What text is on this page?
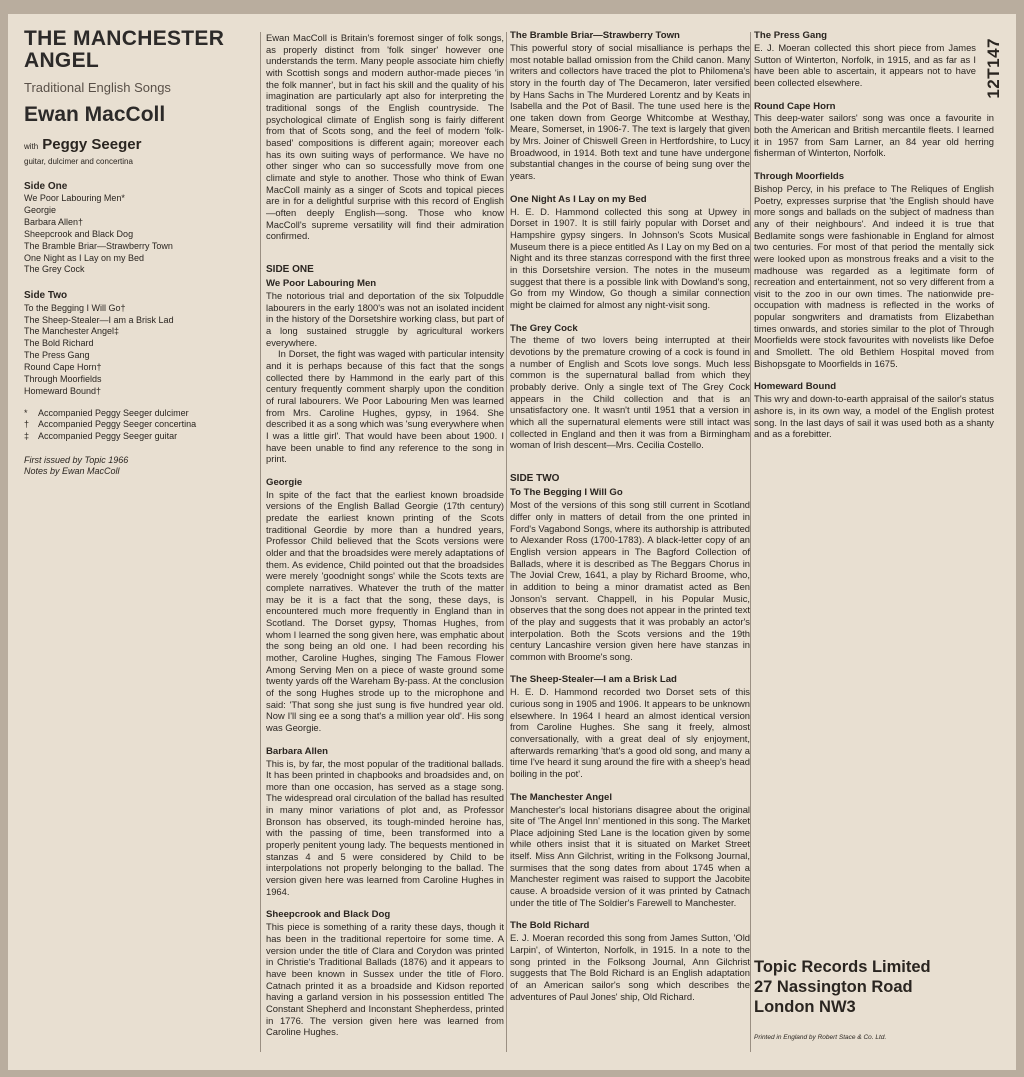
THE MANCHESTER
ANGEL
Traditional English Songs
Ewan MacColl
with Peggy Seeger
guitar, dulcimer and concertina
Side One
We Poor Labouring Men*
Georgie
Barbara Allen†
Sheepcrook and Black Dog
The Bramble Briar—Strawberry Town
One Night as I Lay on my Bed
The Grey Cock
Side Two
To the Begging I Will Go†
The Sheep-Stealer—I am a Brisk Lad
The Manchester Angel‡
The Bold Richard
The Press Gang
Round Cape Horn†
Through Moorfields
Homeward Bound†
* Accompanied Peggy Seeger dulcimer
† Accompanied Peggy Seeger concertina
‡ Accompanied Peggy Seeger guitar
First issued by Topic 1966
Notes by Ewan MacColl

Ewan MacColl is Britain's foremost singer of folk songs, as properly distinct from 'folk singer' however one understands the term. Many people associate him chiefly with Scottish songs and modern author-made pieces 'in the folk manner', but in fact his skill and the quality of his imagination are particularly apt also for interpreting the traditional songs of the English countryside. The psychological climate of English song is fairly different from that of Scots song, and the feel of modern 'folk-based' compositions is different again; moreover each has its own suiting ways of performance. We have no other singer who can so successfully move from one climate and style to another. Those who think of Ewan MacColl mainly as a singer of Scots and topical pieces are in for a delightful surprise with this record of English—often deeply English—song. Those who know MacColl's supreme versatility will find their admiration confirmed.

SIDE ONE
We Poor Labouring Men

The notorious trial and deportation of the six Tolpuddle labourers in the early 1800's was not an isolated incident in the history of the Dorsetshire working class, but part of a long sustained struggle by agricultural workers everywhere.

In Dorset, the fight was waged with particular intensity and it is perhaps because of this fact that the songs collected there by Hammond in the early part of this century frequently comment sharply upon the condition of rural labourers. We Poor Labouring Men was learned from Mrs. Caroline Hughes, gypsy, in 1964. She described it as a song which was 'sung everywhere when I was a little girl'. That would have been about 1900. I have been unable to find any reference to the song in print.

Georgie

In spite of the fact that the earliest known broadside versions of the English Ballad Georgie (17th century) predate the earliest known printing of the Scots traditional Geordie by more than a hundred years, Professor Child believed that the Scots versions were older and that the broadsides were merely adaptations of them. As evidence, Child pointed out that the broadsides were merely 'goodnight songs' while the Scots texts are complete narratives. Whatever the truth of the matter may be it is a fact that the song, these days, is encountered much more frequently in England than in Scotland. The Dorset gypsy, Thomas Hughes, from whom I learned the song given here, was emphatic about the song being an old one. I had been recording his mother, Caroline Hughes, singing The Famous Flower Among Serving Men on a piece of waste ground some twenty yards off the Wareham By-pass. At the conclusion of the song Hughes strode up to the microphone and said: 'That song she just sung is five hundred year old. Now I'll sing ee a song that's a million year old'. His song was Georgie.

Barbara Allen

This is, by far, the most popular of the traditional ballads. It has been printed in chapbooks and broadsides and, on more than one occasion, has served as a stage song. The widespread oral circulation of the ballad has resulted in many minor variations of plot and, as Professor Bronson has observed, its tough-minded heroine has, with the passing of time, been transformed into a properly penitent young lady. The bequests mentioned in stanzas 4 and 5 were considered by Child to be interpolations not properly belonging to the ballad. The version given here was learned from Caroline Hughes in 1964.

Sheepcrook and Black Dog

This piece is something of a rarity these days, though it has been in the traditional repertoire for some time. A version under the title of Clara and Corydon was printed in Christie's Traditional Ballads (1876) and it appears to have been known in Sussex under the title of Floro. Catnach printed it as a broadside and Kidson reported having a garland version in his possession entitled The Constant Shepherd and Inconstant Shepherdess, printed in 1776. The version given here was learned from Caroline Hughes.

The Bramble Briar—Strawberry Town

This powerful story of social misalliance is perhaps the most notable ballad omission from the Child canon. Many writers and collectors have traced the plot to Philomena's story in the fourth day of The Decameron, later versified by Hans Sachs in The Murdered Lorentz and by Keats in Isabella and the Pot of Basil. The tune used here is the one taken down from George Whitcombe at Westhay, Meare, Somerset, in 1906-7. The text is largely that given by Mrs. Joiner of Chiswell Green in Hertfordshire, to Lucy Broadwood, in 1914. Both text and tune have undergone substantial changes in the course of being sung over the years.

One Night As I Lay on my Bed

H. E. D. Hammond collected this song at Upwey in Dorset in 1907. It is still fairly popular with Dorset and Hampshire gypsy singers. In Johnson's Scots Musical Museum there is a piece entitled As I Lay on my Bed on a Night and its three stanzas correspond with the first three in this Dorsetshire version. The notes in the museum suggest that there is a possible link with Dowland's song, Go from my Window, Go though a similar connection might be claimed for almost any night-visit song.

The Grey Cock

The theme of two lovers being interrupted at their devotions by the premature crowing of a cock is found in a number of English and Scots love songs. Much less common is the supernatural ballad from which they probably derive. Only a single text of The Grey Cock appears in the Child collection and that is an unsatisfactory one. It wasn't until 1951 that a version in which all the supernatural elements were still intact was collected in England and then it was from a Birmingham woman of Irish descent—Mrs. Cecilia Costello.

SIDE TWO
To The Begging I Will Go

Most of the versions of this song still current in Scotland differ only in matters of detail from the one printed in Ford's Vagabond Songs, where its authorship is attributed to Alexander Ross (1700-1783). A black-letter copy of an English version appears in The Bagford Collection of Ballads, where it is described as The Beggars Chorus in The Jovial Crew, 1641, a play by Richard Broome, who, in addition to being a minor dramatist acted as Ben Jonson's servant. Chappell, in his Popular Music, observes that the song does not appear in the printed text of the play and suggests that it was probably an actor's interpolation. Both the Scots versions and the 19th century Lancashire version given here have stanzas in common with Broome's song.

The Sheep-Stealer—I am a Brisk Lad

H. E. D. Hammond recorded two Dorset sets of this curious song in 1905 and 1906. It appears to be unknown elsewhere. In 1964 I heard an almost identical version from Caroline Hughes. She sang it freely, almost conversationally, with a great deal of sly enjoyment, afterwards remarking 'that's a good old song, and many a time I've heard it sung around the fire with a sheep's head boiling in the pot'.

The Manchester Angel

Manchester's local historians disagree about the original site of 'The Angel Inn' mentioned in this song. The Market Place adjoining Sted Lane is the location given by some while others insist that it is situated on Market Street itself. Miss Ann Gilchrist, writing in the Folksong Journal, surmises that the song dates from about 1745 when a Manchester regiment was raised to support the Jacobite cause. A broadside version of it was printed by Catnach under the title of The Soldier's Farewell to Manchester.

The Bold Richard

E. J. Moeran recorded this song from James Sutton, 'Old Larpin', of Winterton, Norfolk, in 1915. In a note to the song printed in the Folksong Journal, Ann Gilchrist suggests that The Bold Richard is an English adaptation of an American sailor's song which describes the adventures of Paul Jones' ship, Old Richard.

The Press Gang

E. J. Moeran collected this short piece from James Sutton of Winterton, Norfolk, in 1915, and as far as I have been able to ascertain, it appears not to have been collected elsewhere.

Round Cape Horn

This deep-water sailors' song was once a favourite in both the American and British mercantile fleets. I learned it in 1957 from Sam Larner, an 84 year old herring fisherman of Winterton, Norfolk.

Through Moorfields

Bishop Percy, in his preface to The Reliques of English Poetry, expresses surprise that 'the English should have more songs and ballads on the subject of madness than any of their neighbours'. And indeed it is true that Bedlamite songs were fashionable in England for almost two centuries. For most of that period the mentally sick were looked upon as monstrous freaks and a visit to the madhouse was regarded as a legitimate form of recreation and entertainment, not so very different from a visit to the zoo in our own times. The nationwide pre-occupation with madness is reflected in the works of popular songwriters and dramatists from Elizabethan times onwards, and stories similar to the plot of Through Moorfields were stock favourites with novelists like Defoe and Smollett. The old Bethlem Hospital moved from Bishopsgate to Moorfields in 1675.

Homeward Bound

This wry and down-to-earth appraisal of the sailor's status ashore is, in its own way, a model of the English protest song. In the last days of sail it was used both as a shanty and as a forebitter.

12T147
Topic Records Limited
27 Nassington Road
London NW3
Printed in England by Robert Stace & Co. Ltd.
